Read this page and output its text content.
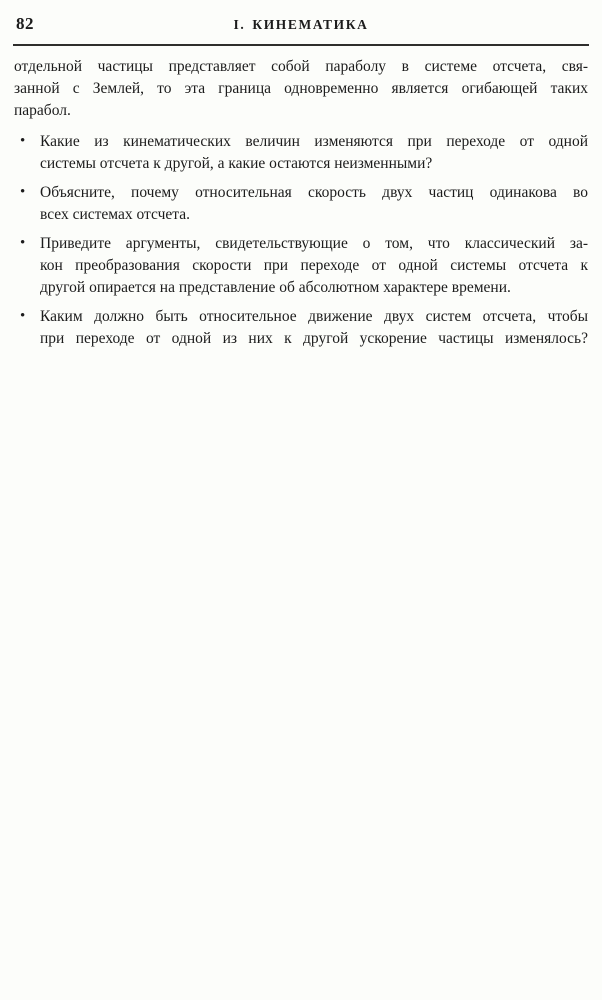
82	I. КИНЕМАТИКА
отдельной частицы представляет собой параболу в системе отсчета, свя-
занной с Землей, то эта граница одновременно является огибающей таких
парабол.
• Какие из кинематических величин изменяются при переходе от одной
системы отсчета к другой, а какие остаются неизменными?
• Объясните, почему относительная скорость двух частиц одинакова во
всех системах отсчета.
• Приведите аргументы, свидетельствующие о том, что классический за-
кон преобразования скорости при переходе от одной системы отсчета к
другой опирается на представление об абсолютном характере времени.
• Каким должно быть относительное движение двух систем отсчета, чтобы
при переходе от одной из них к другой ускорение частицы изменялось?
